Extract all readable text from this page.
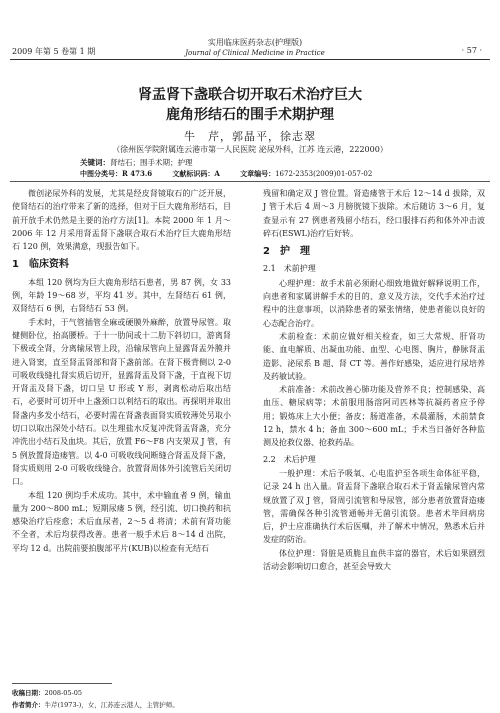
2009 年第 5 卷第 1 期
实用临床医药杂志(护理版)
Journal of Clinical Medicine in Practice	· 57 ·
肾盂肾下盏联合切开取石术治疗巨大
鹿角形结石的围手术期护理
牛　芹，郭晶平，徐志翠
（徐州医学院附属连云港市第一人民医院 泌尿外科，江苏 连云港，222000）
关键词：肾结石；围手术期；护理
中图分类号：R 473.6	文献标识码：A	文章编号：1672-2353(2009)01-057-02

微创泌尿外科的发展，尤其是经皮肾镜取石的广泛开展，使肾结石的治疗带来了新的选择，但对于巨大鹿角形结石，目前开放手术仍然是主要的治疗方法[1]。本院 2000 年 1 月～2006 年 12 月采用肾盂肾下盏联合取石术治疗巨大鹿角形结石 120 例，效果满意，现报告如下。

1　临床资料

本组 120 例均为巨大鹿角形结石患者，男 87 例，女 33 例，年龄 19～68 岁，平均 41 岁。其中，左肾结石 61 例，双肾结石 6 例，右肾结石 53 例。

手术时，于气管插管全麻或硬膜外麻醉，放置导尿管。取健侧卧位，抬高腰桥。于十一肋间或十二肋下斜切口，游离肾下极或全肾，分离输尿管上段，沿输尿管向上显露肾盂外膜并进入肾窦，直至肾盂肾部和肾下盏前部。在肾下极背侧以 2-0 可吸收线缝扎肾实质后切开，显露肾盂及肾下盏，于直视下切开肾盂及肾下盏，切口呈 U 形或 Y 形，剥离松动后取出结石，必要时可切开中上盏颈口以利结石的取出。再探明并取出肾盏内多发小结石，必要时需在肾盏表面肾实质较薄处另取小切口以取出深处小结石。以生理盐水反复冲洗肾盂肾盏，充分冲洗出小结石及血块。其后，放置 F6～F8 内支架双 J 管，有 5 例放置肾造瘘管。以 4-0 可吸收线间断缝合肾盂及肾下盏，肾实质则用 2-0 可吸收线缝合。放置肾周体外引流管后关闭切口。

本组 120 例均手术成功。其中，术中输血者 9 例，输血量为 200～800 mL；短期尿瘘 5 例，经引流、切口换药和抗感染治疗后痊愈；术后血尿者，2～5 d 将清；术前有肾功能不全者，术后均获得改善。患者一般手术后 8～14 d 出院，平均 12 d。出院前要拍腹部平片(KUB)以检查有无结石

残留和确定双 J 管位置。肾造瘘管于术后 12～14 d 拔除，双 J 管于术后 4 周～3 月膀胱镜下拔除。术后随访 3～6 月，复查显示有 27 例患者残留小结石，经口服排石药和体外冲击波碎石(ESWL)治疗后好转。

2　护　理
2.1　术前护理

心理护理：故手术前必须耐心细致地做好解释说明工作，向患者和家属讲解手术的目的、意义及方法，交代手术治疗过程中的注意事项，以消除患者的紧张情绪，使患者能以良好的心态配合治疗。

术前检查：术前应做好相关检查，如三大常规、肝肾功能、血电解质、出凝血功能、血型、心电图、胸片，静脉肾盂造影、泌尿系 B 超、肾 CT 等。善作好感染，适应进行尿培养及药敏试验。

术前准备：术前改善心肺功能及营养不良；控制感染、高血压、糖尿病等；术前服用肠溶阿司匹林等抗凝药者应予停用；锻炼床上大小便；备皮；肠道准备，术晨灌肠，术前禁食 12 h，禁水 4 h；备血 300～600 mL；手术当日备好各种监测及抢救仪器、抢救药品。

2.2　术后护理

一般护理：术后予吸氧、心电监护至各项生命体征平稳，记录 24 h 出入量。肾盂肾下盏联合取石术于肾盂输尿管内常规放置了双 J 管，肾周引流管和导尿管，部分患者放置肾造瘘管，需确保各种引流管通畅并无菌引流袋。患者术毕回病房后，护士应准确执行术后医嘱，并了解术中情况，熟悉术后并发症的防治。

体位护理：肾脏是质脆且血供丰富的器官，术后如果剧烈活动会影响切口愈合，甚至会导致大

收稿日期：2008-05-05
作者简介：牛芹(1973-)，女，江苏连云港人，主管护师。
